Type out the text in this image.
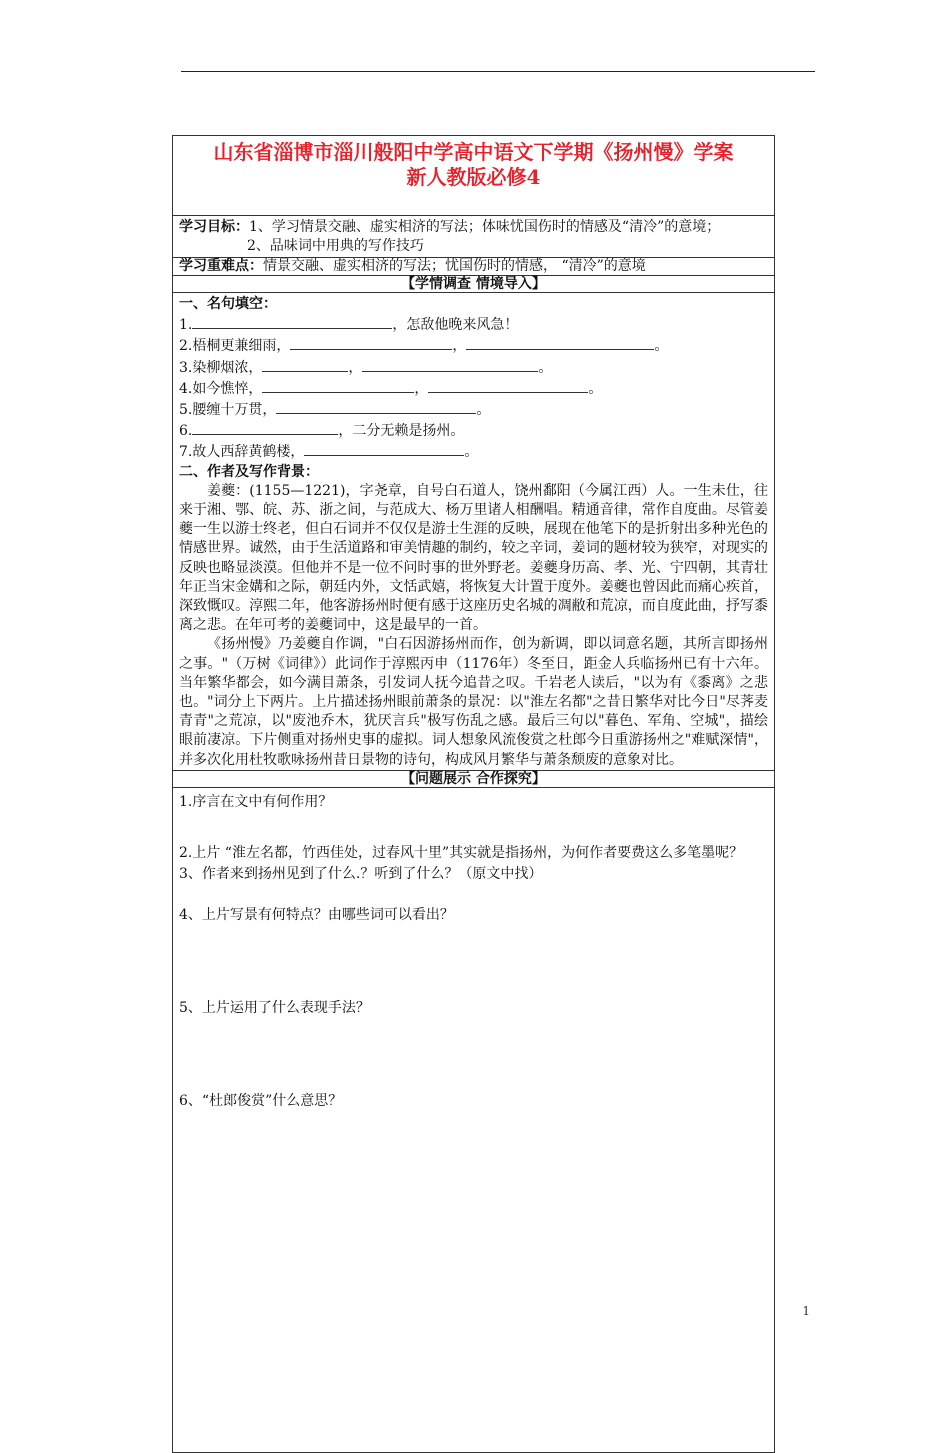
山东省淄博市淄川般阳中学高中语文下学期《扬州慢》学案
新人教版必修4

学习目标：1、学习情景交融、虚实相济的写法；体味忧国伤时的情感及“清冷”的意境；
2、品味词中用典的写作技巧

学习重难点：情景交融、虚实相济的写法；忧国伤时的情感， “清冷”的意境
【学情调查 情境导入】

一、名句填空：
1.	，怎敌他晚来风急！
2.梧桐更兼细雨，	，	。
3.染柳烟浓，	，	。
4.如今憔悴，	，	。
5.腰缠十万贯，	。
6.	，二分无赖是扬州。
7.故人西辞黄鹤楼，	。
二、作者及写作背景：
姜夔：(1155—1221)，字尧章，自号白石道人，饶州鄱阳（今属江西）人。一生未仕，往来于湘、鄂、皖、苏、浙之间，与范成大、杨万里诸人相酬唱。精通音律，常作自度曲。尽管姜夔一生以游士终老，但白石词并不仅仅是游士生涯的反映，展现在他笔下的是折射出多种光色的情感世界。诚然，由于生活道路和审美情趣的制约，较之辛词，姜词的题材较为狭窄，对现实的反映也略显淡漠。但他并不是一位不问时事的世外野老。姜夔身历高、孝、光、宁四朝，其青壮年正当宋金媾和之际，朝廷内外，文恬武嬉，将恢复大计置于度外。姜夔也曾因此而痛心疾首，深致慨叹。淳熙二年，他客游扬州时便有感于这座历史名城的凋敝和荒凉，而自度此曲，抒写黍离之悲。在年可考的姜夔词中，这是最早的一首。
《扬州慢》乃姜夔自作调，"白石因游扬州而作，创为新调，即以词意名题，其所言即扬州之事。"（万树《词律》）此词作于淳熙丙申（1176年）冬至日，距金人兵临扬州已有十六年。当年繁华都会，如今满目萧条，引发词人抚今追昔之叹。千岩老人读后，"以为有《黍离》之悲也。"词分上下两片。上片描述扬州眼前萧条的景况：以"淮左名都"之昔日繁华对比今日"尽荠麦青青"之荒凉，以"废池乔木，犹厌言兵"极写伤乱之感。最后三句以"暮色、军角、空城"，描绘眼前凄凉。下片侧重对扬州史事的虚拟。词人想象风流俊赏之杜郎今日重游扬州之"难赋深情"，并多次化用杜牧歌咏扬州昔日景物的诗句，构成风月繁华与萧条颓废的意象对比。

【问题展示 合作探究】

1.序言在文中有何作用？

2.上片 “淮左名都，竹西佳处，过春风十里”其实就是指扬州，为何作者要费这么多笔墨呢？

3、作者来到扬州见到了什么.？听到了什么？（原文中找）

4、上片写景有何特点？由哪些词可以看出？

5、上片运用了什么表现手法？

6、“杜郎俊赏”什么意思？

1
